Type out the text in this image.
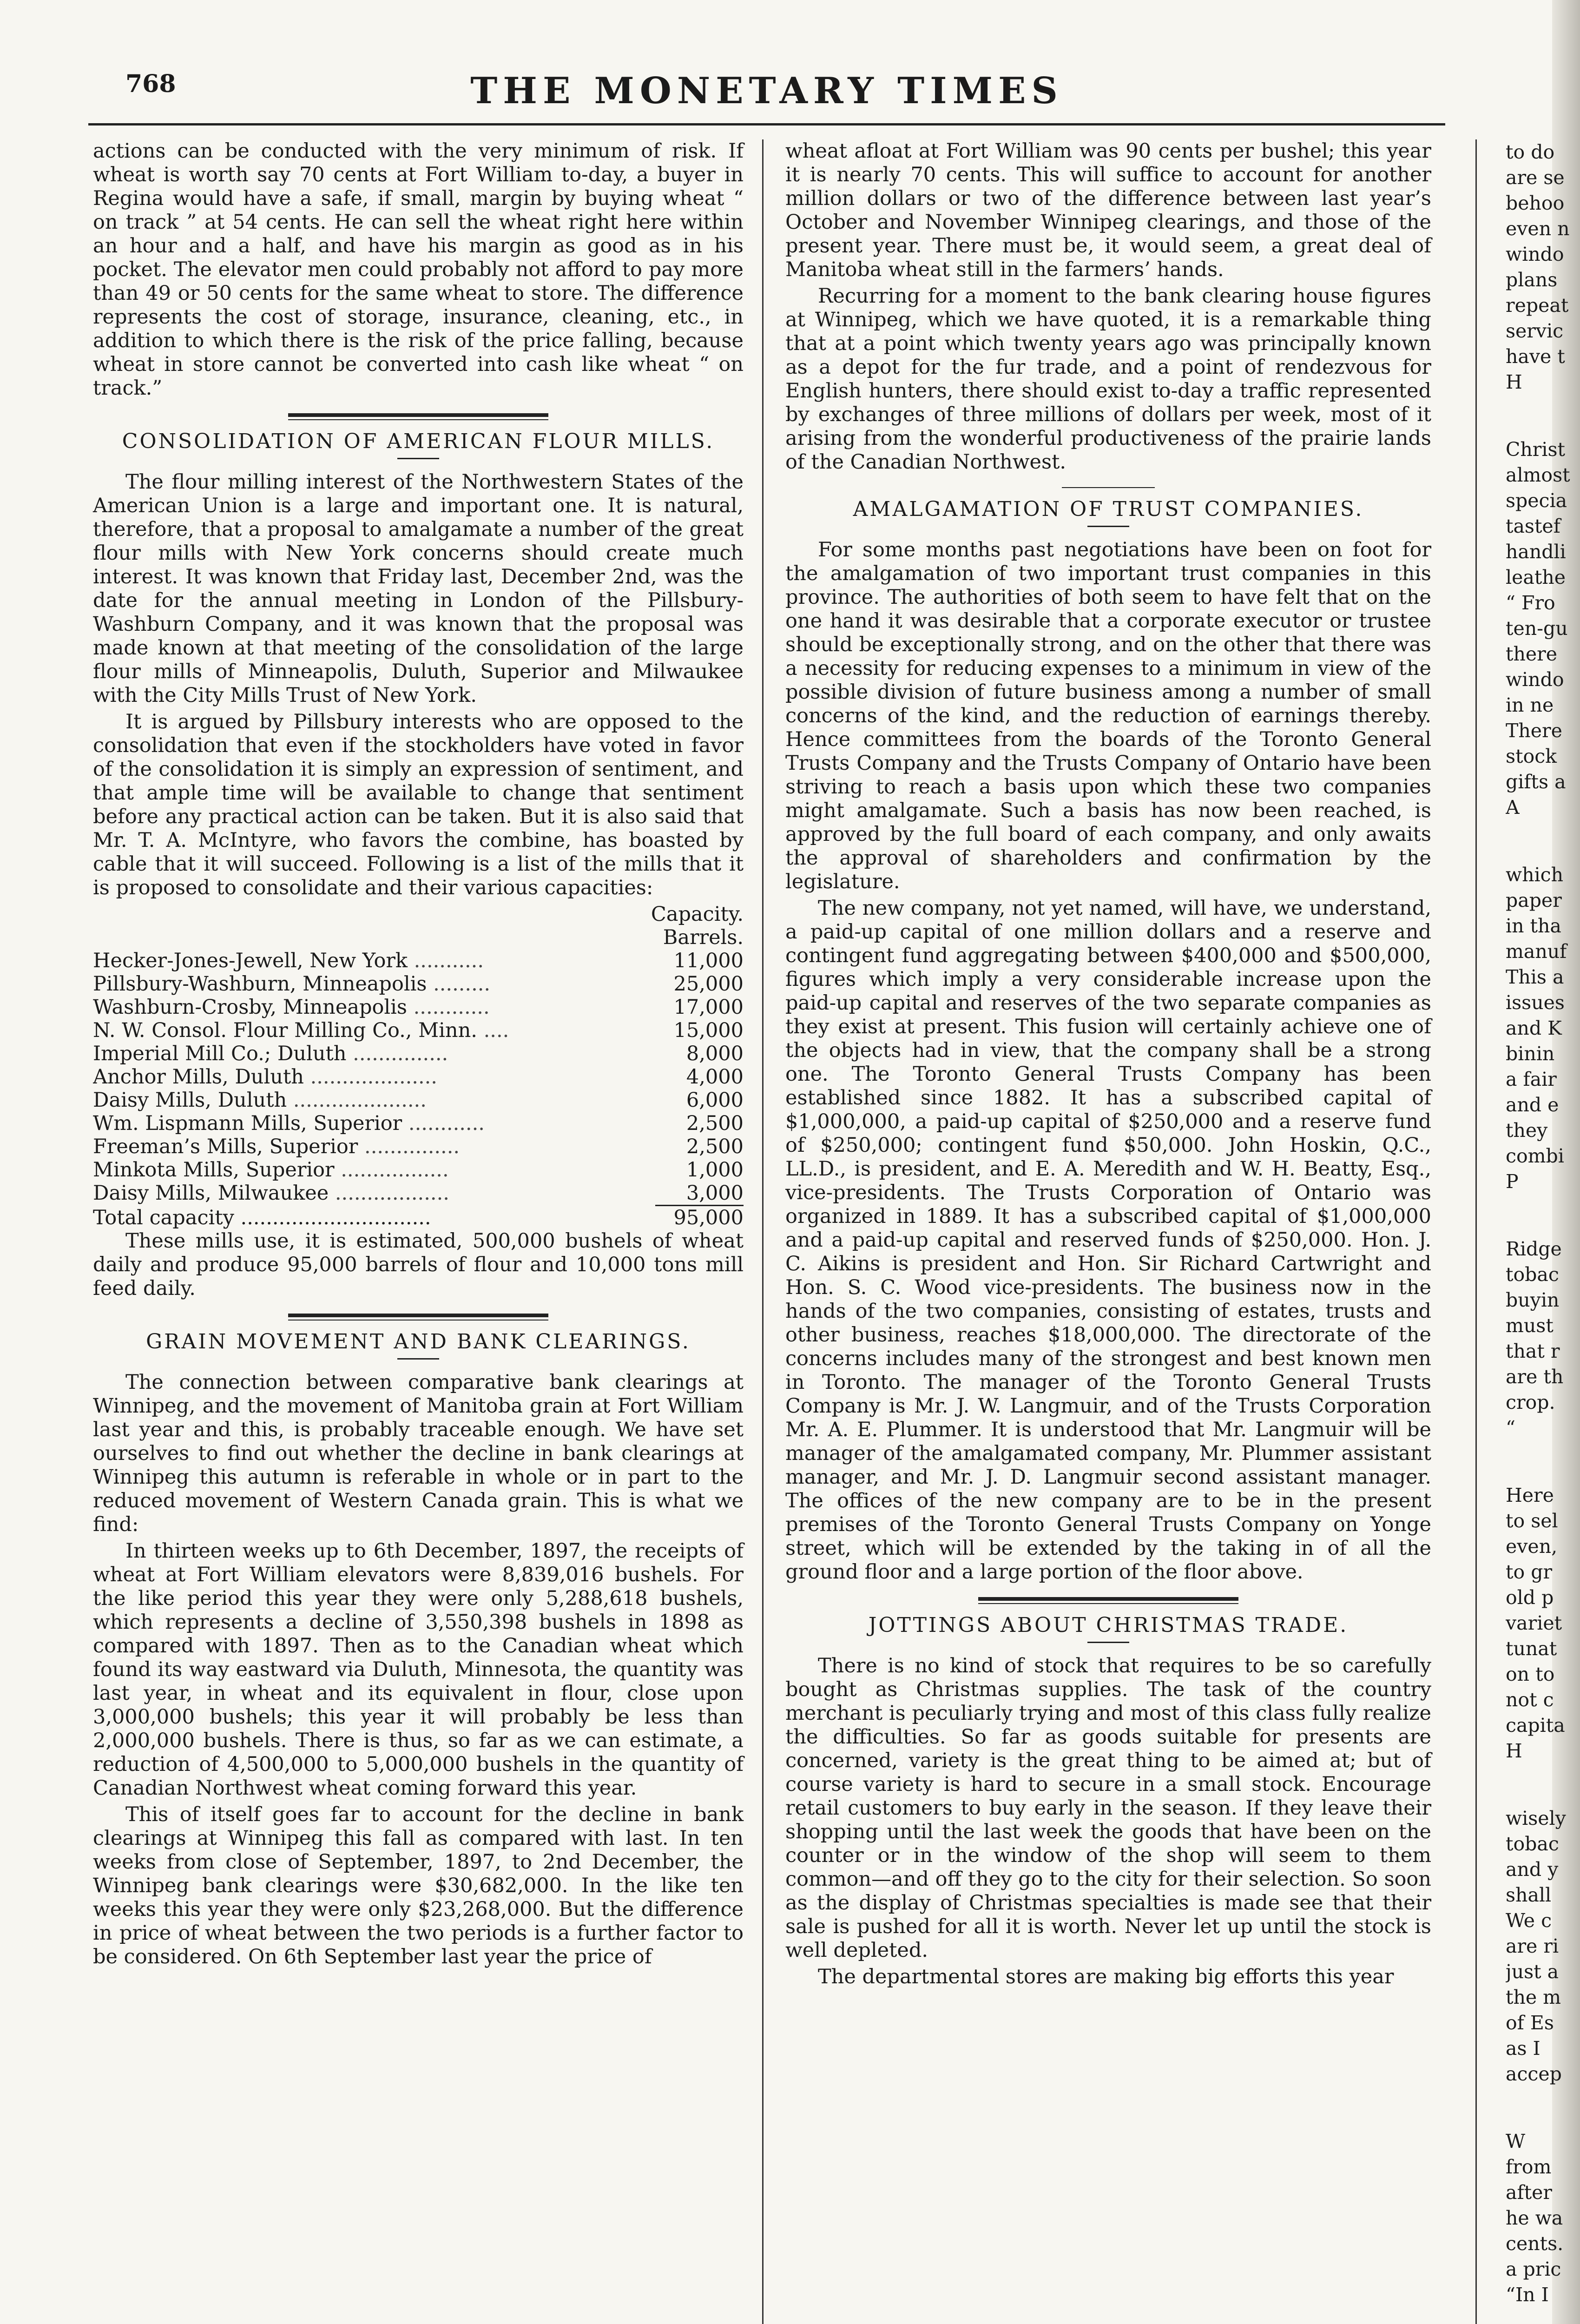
768	THE MONETARY TIMES

actions can be conducted with the very minimum of risk. If wheat is worth say 70 cents at Fort William to-day, a buyer in Regina would have a safe, if small, margin by buying wheat “ on track ” at 54 cents. He can sell the wheat right here within an hour and a half, and have his margin as good as in his pocket. The elevator men could probably not afford to pay more than 49 or 50 cents for the same wheat to store. The difference represents the cost of storage, insurance, cleaning, etc., in addition to which there is the risk of the price falling, because wheat in store cannot be converted into cash like wheat “ on track.”

CONSOLIDATION OF AMERICAN FLOUR MILLS.

The flour milling interest of the Northwestern States of the American Union is a large and important one. It is natural, therefore, that a proposal to amalgamate a number of the great flour mills with New York concerns should create much interest. It was known that Friday last, December 2nd, was the date for the annual meeting in London of the Pillsbury-Washburn Company, and it was known that the proposal was made known at that meeting of the consolidation of the large flour mills of Minneapolis, Duluth, Superior and Milwaukee with the City Mills Trust of New York.

It is argued by Pillsbury interests who are opposed to the consolidation that even if the stockholders have voted in favor of the consolidation it is simply an expression of sentiment, and that ample time will be available to change that sentiment before any practical action can be taken. But it is also said that Mr. T. A. McIntyre, who favors the combine, has boasted by cable that it will succeed. Following is a list of the mills that it is proposed to consolidate and their various capacities:

	Capacity.
	Barrels.
Hecker-Jones-Jewell, New York ...........	11,000
Pillsbury-Washburn, Minneapolis .........	25,000
Washburn-Crosby, Minneapolis ............	17,000
N. W. Consol. Flour Milling Co., Minn. ....	15,000
Imperial Mill Co.; Duluth ...............	8,000
Anchor Mills, Duluth ....................	4,000
Daisy Mills, Duluth .....................	6,000
Wm. Lispmann Mills, Superior ............	2,500
Freeman’s Mills, Superior ...............	2,500
Minkota Mills, Superior .................	1,000
Daisy Mills, Milwaukee ..................	3,000
Total capacity ..............................	95,000

These mills use, it is estimated, 500,000 bushels of wheat daily and produce 95,000 barrels of flour and 10,000 tons mill feed daily.

GRAIN MOVEMENT AND BANK CLEARINGS.

The connection between comparative bank clearings at Winnipeg, and the movement of Manitoba grain at Fort William last year and this, is probably traceable enough. We have set ourselves to find out whether the decline in bank clearings at Winnipeg this autumn is referable in whole or in part to the reduced movement of Western Canada grain. This is what we find:

In thirteen weeks up to 6th December, 1897, the receipts of wheat at Fort William elevators were 8,839,016 bushels. For the like period this year they were only 5,288,618 bushels, which represents a decline of 3,550,398 bushels in 1898 as compared with 1897. Then as to the Canadian wheat which found its way eastward via Duluth, Minnesota, the quantity was last year, in wheat and its equivalent in flour, close upon 3,000,000 bushels; this year it will probably be less than 2,000,000 bushels. There is thus, so far as we can estimate, a reduction of 4,500,000 to 5,000,000 bushels in the quantity of Canadian Northwest wheat coming forward this year.

This of itself goes far to account for the decline in bank clearings at Winnipeg this fall as compared with last. In ten weeks from close of September, 1897, to 2nd December, the Winnipeg bank clearings were $30,682,000. In the like ten weeks this year they were only $23,268,000. But the difference in price of wheat between the two periods is a further factor to be considered. On 6th September last year the price of

wheat afloat at Fort William was 90 cents per bushel; this year it is nearly 70 cents. This will suffice to account for another million dollars or two of the difference between last year’s October and November Winnipeg clearings, and those of the present year. There must be, it would seem, a great deal of Manitoba wheat still in the farmers’ hands.

Recurring for a moment to the bank clearing house figures at Winnipeg, which we have quoted, it is a remarkable thing that at a point which twenty years ago was principally known as a depot for the fur trade, and a point of rendezvous for English hunters, there should exist to-day a traffic represented by exchanges of three millions of dollars per week, most of it arising from the wonderful productiveness of the prairie lands of the Canadian Northwest.

AMALGAMATION OF TRUST COMPANIES.

For some months past negotiations have been on foot for the amalgamation of two important trust companies in this province. The authorities of both seem to have felt that on the one hand it was desirable that a corporate executor or trustee should be exceptionally strong, and on the other that there was a necessity for reducing expenses to a minimum in view of the possible division of future business among a number of small concerns of the kind, and the reduction of earnings thereby. Hence committees from the boards of the Toronto General Trusts Company and the Trusts Company of Ontario have been striving to reach a basis upon which these two companies might amalgamate. Such a basis has now been reached, is approved by the full board of each company, and only awaits the approval of shareholders and confirmation by the legislature.

The new company, not yet named, will have, we understand, a paid-up capital of one million dollars and a reserve and contingent fund aggregating between $400,000 and $500,000, figures which imply a very considerable increase upon the paid-up capital and reserves of the two separate companies as they exist at present. This fusion will certainly achieve one of the objects had in view, that the company shall be a strong one. The Toronto General Trusts Company has been established since 1882. It has a subscribed capital of $1,000,000, a paid-up capital of $250,000 and a reserve fund of $250,000; contingent fund $50,000. John Hoskin, Q.C., LL.D., is president, and E. A. Meredith and W. H. Beatty, Esq., vice-presidents. The Trusts Corporation of Ontario was organized in 1889. It has a subscribed capital of $1,000,000 and a paid-up capital and reserved funds of $250,000. Hon. J. C. Aikins is president and Hon. Sir Richard Cartwright and Hon. S. C. Wood vice-presidents. The business now in the hands of the two companies, consisting of estates, trusts and other business, reaches $18,000,000. The directorate of the concerns includes many of the strongest and best known men in Toronto. The manager of the Toronto General Trusts Company is Mr. J. W. Langmuir, and of the Trusts Corporation Mr. A. E. Plummer. It is understood that Mr. Langmuir will be manager of the amalgamated company, Mr. Plummer assistant manager, and Mr. J. D. Langmuir second assistant manager. The offices of the new company are to be in the present premises of the Toronto General Trusts Company on Yonge street, which will be extended by the taking in of all the ground floor and a large portion of the floor above.

JOTTINGS ABOUT CHRISTMAS TRADE.

There is no kind of stock that requires to be so carefully bought as Christmas supplies. The task of the country merchant is peculiarly trying and most of this class fully realize the difficulties. So far as goods suitable for presents are concerned, variety is the great thing to be aimed at; but of course variety is hard to secure in a small stock. Encourage retail customers to buy early in the season. If they leave their shopping until the last week the goods that have been on the counter or in the window of the shop will seem to them common—and off they go to the city for their selection. So soon as the display of Christmas specialties is made see that their sale is pushed for all it is worth. Never let up until the stock is well depleted.

The departmental stores are making big efforts this year

to do
are se
behoo
even n
windo
plans
repeat
servic
have t
H
Christ
almost
specia
tastef
handli
leathe
“ Fro
ten-gu
there
windo
in ne
There
stock
gifts a
A
which
paper
in tha
manuf
This a
issues
and K
binin
a fair
and e
they
combi
P
Ridge
tobac
buyin
must
that r
are th
crop.
“
Here
to sel
even,
to gr
old p
variet
tunat
on to
not c
capita
H
wisely
tobac
and y
shall
We c
are ri
just a
the m
of Es
as I
accep
W
from
after
he wa
cents.
a pric
“In I
